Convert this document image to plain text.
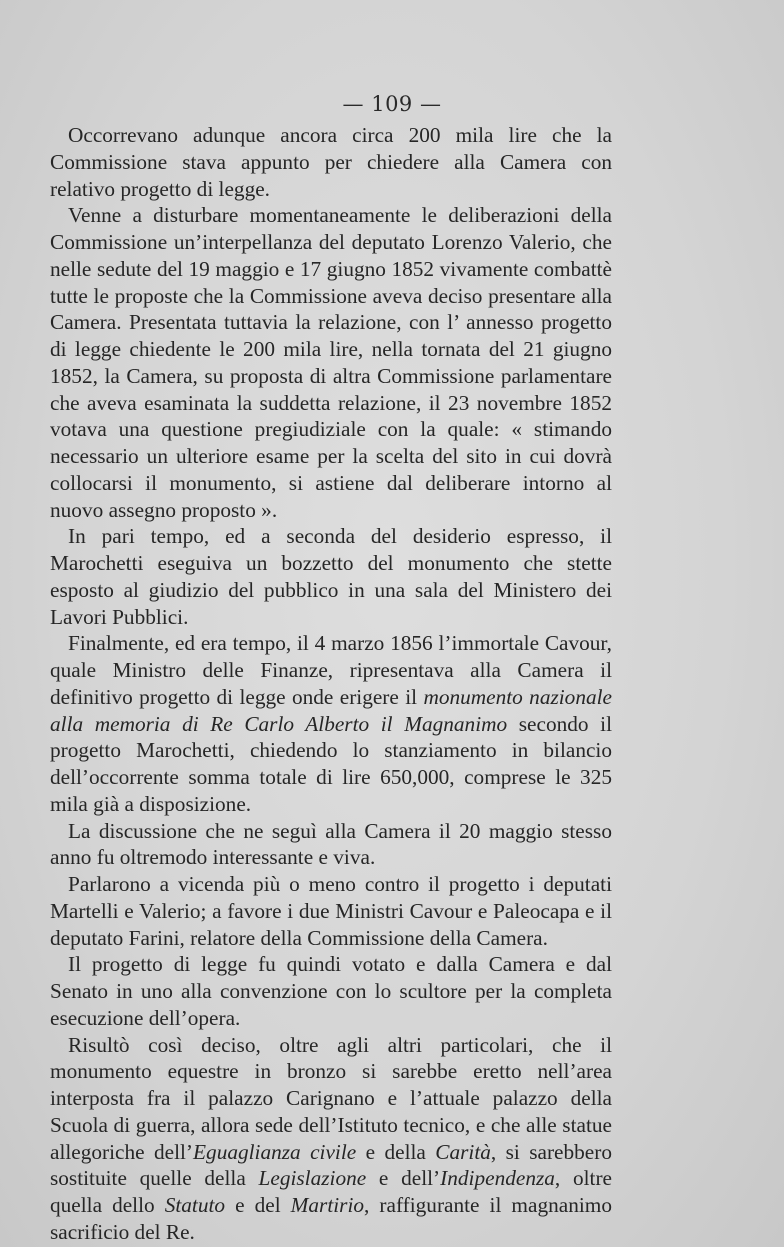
— 109 —

Occorrevano adunque ancora circa 200 mila lire che la Commissione stava appunto per chiedere alla Camera con relativo progetto di legge.

Venne a disturbare momentaneamente le deliberazioni della Commissione un’interpellanza del deputato Lorenzo Valerio, che nelle sedute del 19 maggio e 17 giugno 1852 vivamente combattè tutte le proposte che la Commissione aveva deciso presentare alla Camera. Presentata tuttavia la relazione, con l’ annesso progetto di legge chiedente le 200 mila lire, nella tornata del 21 giugno 1852, la Camera, su proposta di altra Commissione parlamentare che aveva esaminata la suddetta relazione, il 23 novembre 1852 votava una questione pregiudiziale con la quale: « stimando necessario un ulteriore esame per la scelta del sito in cui dovrà collocarsi il monumento, si astiene dal deliberare intorno al nuovo assegno proposto ».

In pari tempo, ed a seconda del desiderio espresso, il Marochetti eseguiva un bozzetto del monumento che stette esposto al giudizio del pubblico in una sala del Ministero dei Lavori Pubblici.

Finalmente, ed era tempo, il 4 marzo 1856 l’immortale Cavour, quale Ministro delle Finanze, ripresentava alla Camera il definitivo progetto di legge onde erigere il monumento nazionale alla memoria di Re Carlo Alberto il Magnanimo secondo il progetto Marochetti, chiedendo lo stanziamento in bilancio dell’occorrente somma totale di lire 650,000, comprese le 325 mila già a disposizione.

La discussione che ne seguì alla Camera il 20 maggio stesso anno fu oltremodo interessante e viva.

Parlarono a vicenda più o meno contro il progetto i deputati Martelli e Valerio; a favore i due Ministri Cavour e Paleocapa e il deputato Farini, relatore della Commissione della Camera.

Il progetto di legge fu quindi votato e dalla Camera e dal Senato in uno alla convenzione con lo scultore per la completa esecuzione dell’opera.

Risultò così deciso, oltre agli altri particolari, che il monumento equestre in bronzo si sarebbe eretto nell’area interposta fra il palazzo Carignano e l’attuale palazzo della Scuola di guerra, allora sede dell’Istituto tecnico, e che alle statue allegoriche dell’Eguaglianza civile e della Carità, si sarebbero sostituite quelle della Legislazione e dell’Indipendenza, oltre quella dello Statuto e del Martirio, raffigurante il magnanimo sacrificio del Re.
